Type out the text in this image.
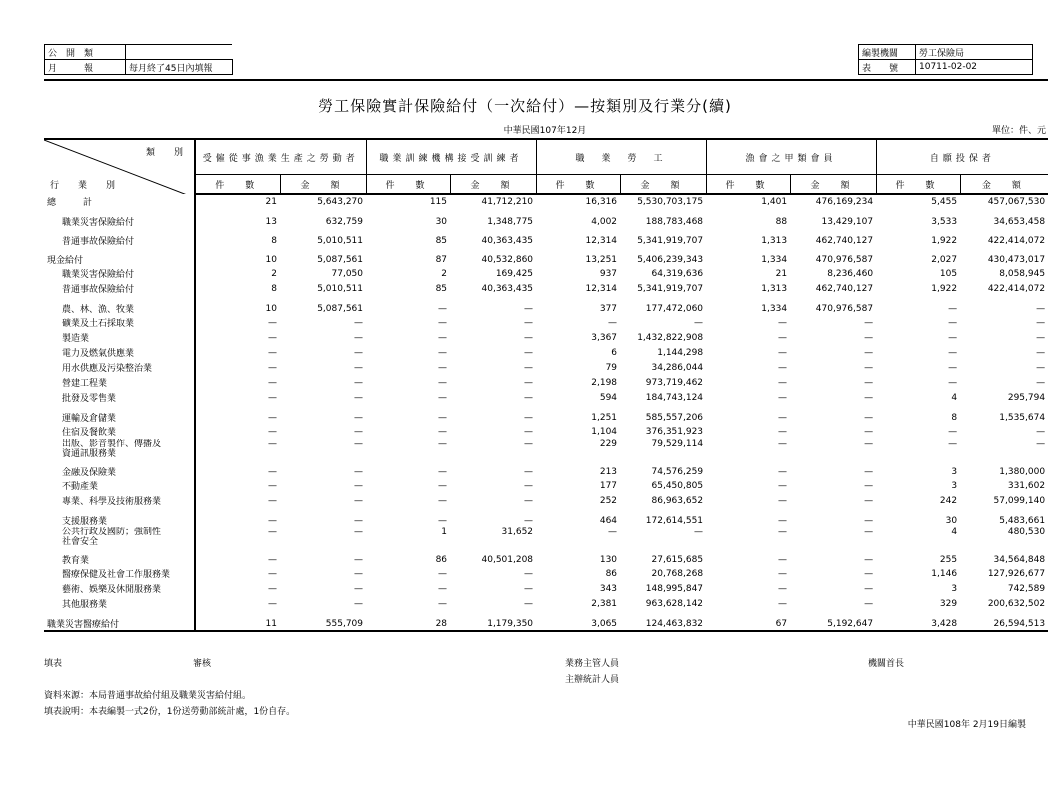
公　開　類	
月　　　報	每月終了45日內填報
編製機關	勞工保險局
表　　號	10711-02-02
勞工保險實計保險給付（一次給付）—按類別及行業分(續)
中華民國107年12月	單位：件、元
類　別
行　業　別	受僱從事漁業生產之勞動者		職業訓練機構接受訓練者		職　業　勞　工		漁會之甲類會員		自願投保者	
	件　數	金　額	件　數	金　額	件　數	金　額	件　數	金　額	件　數	金　額
總　　　計	21	5,643,270	115	41,712,210	16,316	5,530,703,175	1,401	476,169,234	5,455	457,067,530
職業災害保險給付	13	632,759	30	1,348,775	4,002	188,783,468	88	13,429,107	3,533	34,653,458
普通事故保險給付	8	5,010,511	85	40,363,435	12,314	5,341,919,707	1,313	462,740,127	1,922	422,414,072
現金給付	10	5,087,561	87	40,532,860	13,251	5,406,239,343	1,334	470,976,587	2,027	430,473,017
職業災害保險給付	2	77,050	2	169,425	937	64,319,636	21	8,236,460	105	8,058,945
普通事故保險給付	8	5,010,511	85	40,363,435	12,314	5,341,919,707	1,313	462,740,127	1,922	422,414,072
農、林、漁、牧業	10	5,087,561	—	—	377	177,472,060	1,334	470,976,587	—	—
礦業及土石採取業	—	—	—	—	—	—	—	—	—	—
製造業	—	—	—	—	3,367	1,432,822,908	—	—	—	—
電力及燃氣供應業	—	—	—	—	6	1,144,298	—	—	—	—
用水供應及污染整治業	—	—	—	—	79	34,286,044	—	—	—	—
營建工程業	—	—	—	—	2,198	973,719,462	—	—	—	—
批發及零售業	—	—	—	—	594	184,743,124	—	—	4	295,794
運輸及倉儲業	—	—	—	—	1,251	585,557,206	—	—	8	1,535,674
住宿及餐飲業	—	—	—	—	1,104	376,351,923	—	—	—	—
出版、影音製作、傳播及
資通訊服務業	—	—	—	—	229	79,529,114	—	—	—	—
金融及保險業	—	—	—	—	213	74,576,259	—	—	3	1,380,000
不動產業	—	—	—	—	177	65,450,805	—	—	3	331,602
專業、科學及技術服務業	—	—	—	—	252	86,963,652	—	—	242	57,099,140
支援服務業	—	—	—	—	464	172,614,551	—	—	30	5,483,661
公共行政及國防；強制性
社會安全	—	—	1	31,652	—	—	—	—	4	480,530
教育業	—	—	86	40,501,208	130	27,615,685	—	—	255	34,564,848
醫療保健及社會工作服務業	—	—	—	—	86	20,768,268	—	—	1,146	127,926,677
藝術、娛樂及休閒服務業	—	—	—	—	343	148,995,847	—	—	3	742,589
其他服務業	—	—	—	—	2,381	963,628,142	—	—	329	200,632,502
職業災害醫療給付	11	555,709	28	1,179,350	3,065	124,463,832	67	5,192,647	3,428	26,594,513
填表	審核	業務主管人員
主辦統計人員
機關首長
資料來源：本局普通事故給付組及職業災害給付組。
填表說明：本表編製一式2份，1份送勞動部統計處，1份自存。
中華民國108年 2月19日編製
